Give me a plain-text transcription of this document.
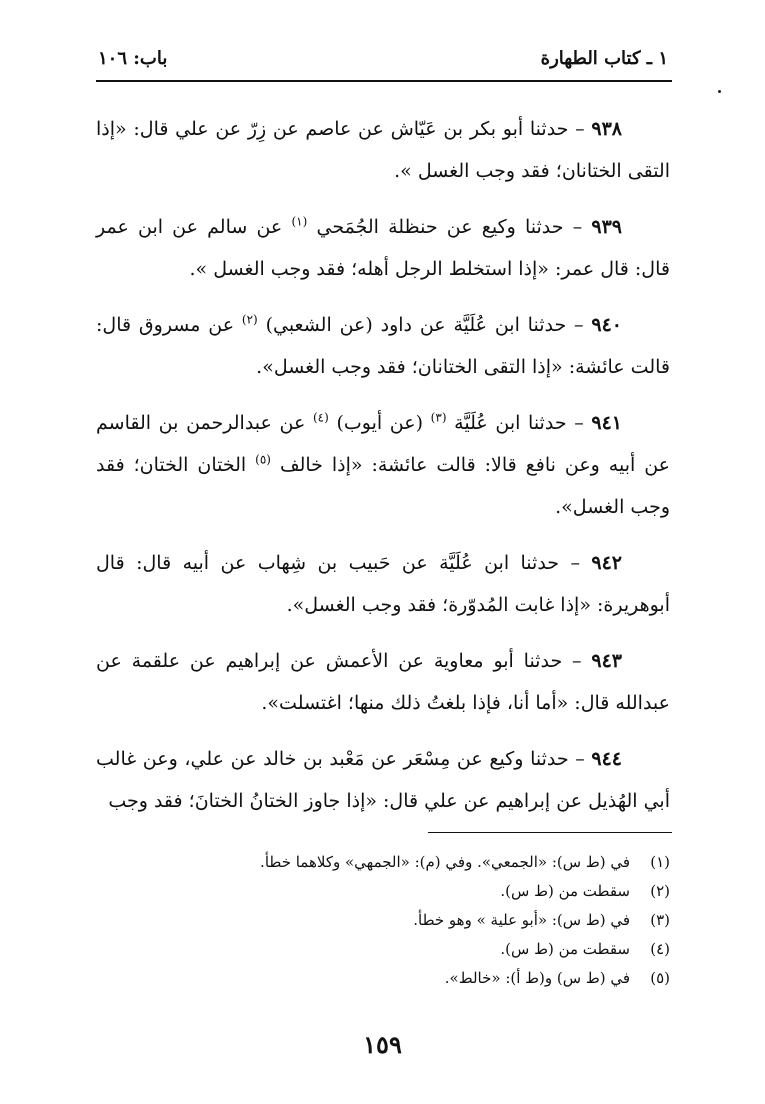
١ ـ كتاب الطهارة
باب: ١٠٦

٩٣٨ – حدثنا أبو بكر بن عَيّاش عن عاصم عن زِرّ عن علي قال: «إذا التقى الختانان؛ فقد وجب الغسل ».

٩٣٩ – حدثنا وكيع عن حنظلة الجُمَحي $^{(١)}$ عن سالم عن ابن عمر قال: قال عمر: «إذا استخلط الرجل أهله؛ فقد وجب الغسل ».

٩٤٠ – حدثنا ابن عُلَيَّة عن داود (عن الشعبي) $^{(٢)}$ عن مسروق قال: قالت عائشة: «إذا التقى الختانان؛ فقد وجب الغسل».

٩٤١ – حدثنا ابن عُلَيَّة $^{(٣)}$ (عن أيوب) $^{(٤)}$ عن عبدالرحمن بن القاسم عن أبيه وعن نافع قالا: قالت عائشة: «إذا خالف $^{(٥)}$ الختان الختان؛ فقد وجب الغسل».

٩٤٢ – حدثنا ابن عُلَيَّة عن حَبيب بن شِهاب عن أبيه قال: قال أبوهريرة: «إذا غابت المُدوّرة؛ فقد وجب الغسل».

٩٤٣ – حدثنا أبو معاوية عن الأعمش عن إبراهيم عن علقمة عن عبدالله قال: «أما أنا، فإذا بلغتُ ذلك منها؛ اغتسلت».

٩٤٤ – حدثنا وكيع عن مِسْعَر عن مَعْبد بن خالد عن علي، وعن غالب أبي الهُذيل عن إبراهيم عن علي قال: «إذا جاوز الختانُ الختانَ؛ فقد وجب

(١)
في (ط س): «الجمعي». وفي (م): «الجمهي» وكلاهما خطأ.
(٢)
سقطت من (ط س).
(٣)
في (ط س): «أبو علية » وهو خطأ.
(٤)
سقطت من (ط س).
(٥)
في (ط س) و(ط أ): «خالط».
١٥٩
